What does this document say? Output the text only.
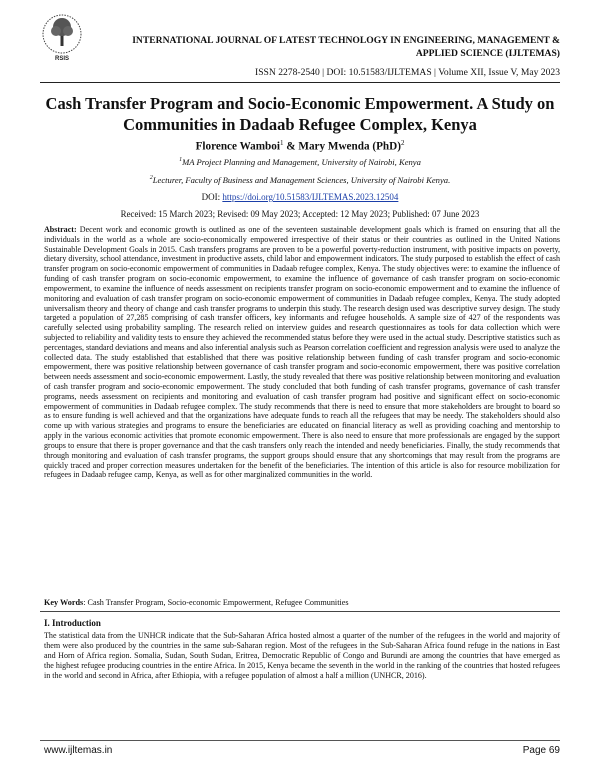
RSIS
INTERNATIONAL JOURNAL OF LATEST TECHNOLOGY IN ENGINEERING, MANAGEMENT & APPLIED SCIENCE (IJLTEMAS)
ISSN 2278-2540 | DOI: 10.51583/IJLTEMAS | Volume XII, Issue V, May 2023
Cash Transfer Program and Socio-Economic Empowerment. A Study on Communities in Dadaab Refugee Complex, Kenya
Florence Wamboi$^1$ & Mary Mwenda (PhD)$^2$
$^1$MA Project Planning and Management, University of Nairobi, Kenya
$^2$Lecturer, Faculty of Business and Management Sciences, University of Nairobi Kenya.
DOI: https://doi.org/10.51583/IJLTEMAS.2023.12504
Received: 15 March 2023; Revised: 09 May 2023; Accepted: 12 May 2023; Published: 07 June 2023
Abstract: Decent work and economic growth is outlined as one of the seventeen sustainable development goals which is framed on ensuring that all the individuals in the world as a whole are socio-economically empowered irrespective of their status or their countries as outlined in the United Nations Sustainable Development Goals in 2015. Cash transfers programs are proven to be a powerful poverty-reduction instrument, with positive impacts on poverty, dietary diversity, school attendance, investment in productive assets, child labor and empowerment indicators. The study purposed to establish the effect of cash transfer program on socio-economic empowerment of communities in Dadaab refugee complex, Kenya. The study objectives were: to examine the influence of funding of cash transfer program on socio-economic empowerment, to examine the influence of governance of cash transfer program on socio-economic empowerment, to examine the influence of needs assessment on recipients transfer program on socio-economic empowerment and to examine the influence of monitoring and evaluation of cash transfer program on socio-economic empowerment of communities in Dadaab refugee complex, Kenya. The study adopted universalism theory and theory of change and cash transfer programs to underpin this study. The research design used was descriptive survey design. The study targeted a population of 27,285 comprising of cash transfer officers, key informants and refugee households. A sample size of 427 of the respondents was carefully selected using probability sampling. The research relied on interview guides and research questionnaires as tools for data collection which were subjected to reliability and validity tests to ensure they achieved the recommended status before they were used in the actual study. Descriptive statistics such as percentages, standard deviations and means and also inferential analysis such as Pearson correlation coefficient and regression analysis were used to analyze the collected data. The study established that established that there was positive relationship between funding of cash transfer program and socio-economic empowerment, there was positive relationship between governance of cash transfer program and socio-economic empowerment, there was positive correlation between needs assessment and socio-economic empowerment. Lastly, the study revealed that there was positive relationship between monitoring and evaluation of cash transfer program and socio-economic empowerment. The study concluded that both funding of cash transfer programs, governance of cash transfer programs, needs assessment on recipients and monitoring and evaluation of cash transfer program had positive and significant effect on socio-economic empowerment of communities in Dadaab refugee complex. The study recommends that there is need to ensure that more stakeholders are brought to board so as to ensure funding is well achieved and that the organizations have adequate funds to reach all the refugees that may be needy. The stakeholders should also come up with various strategies and programs to ensure the beneficiaries are educated on financial literacy as well as providing coaching and mentorship to apply in the various economic activities that promote economic empowerment. There is also need to ensure that more professionals are engaged by the support groups to ensure that there is proper governance and that the cash transfers only reach the intended and needy beneficiaries. Finally, the study recommends that through monitoring and evaluation of cash transfer programs, the support groups should ensure that any shortcomings that may result from the programs are quickly traced and proper correction measures undertaken for the benefit of the beneficiaries. The intention of this article is also for resource mobilization for refugees in Dadaab refugee camp, Kenya, as well as for other marginalized communities in the world.
Key Words: Cash Transfer Program, Socio-economic Empowerment, Refugee Communities
I. Introduction
The statistical data from the UNHCR indicate that the Sub-Saharan Africa hosted almost a quarter of the number of the refugees in the world and majority of them were also produced by the countries in the same sub-Saharan region. Most of the refugees in the Sub-Saharan Africa found refuge in the nations in East and Horn of Africa region. Somalia, Sudan, South Sudan, Eritrea, Democratic Republic of Congo and Burundi are among the countries that have emerged as the highest refugee producing countries in the entire Africa. In 2015, Kenya became the seventh in the world in the ranking of the countries that hosted refugees in the world and second in Africa, after Ethiopia, with a refugee population of almost a half a million (UNHCR, 2016).
www.ijltemas.in	Page 69
